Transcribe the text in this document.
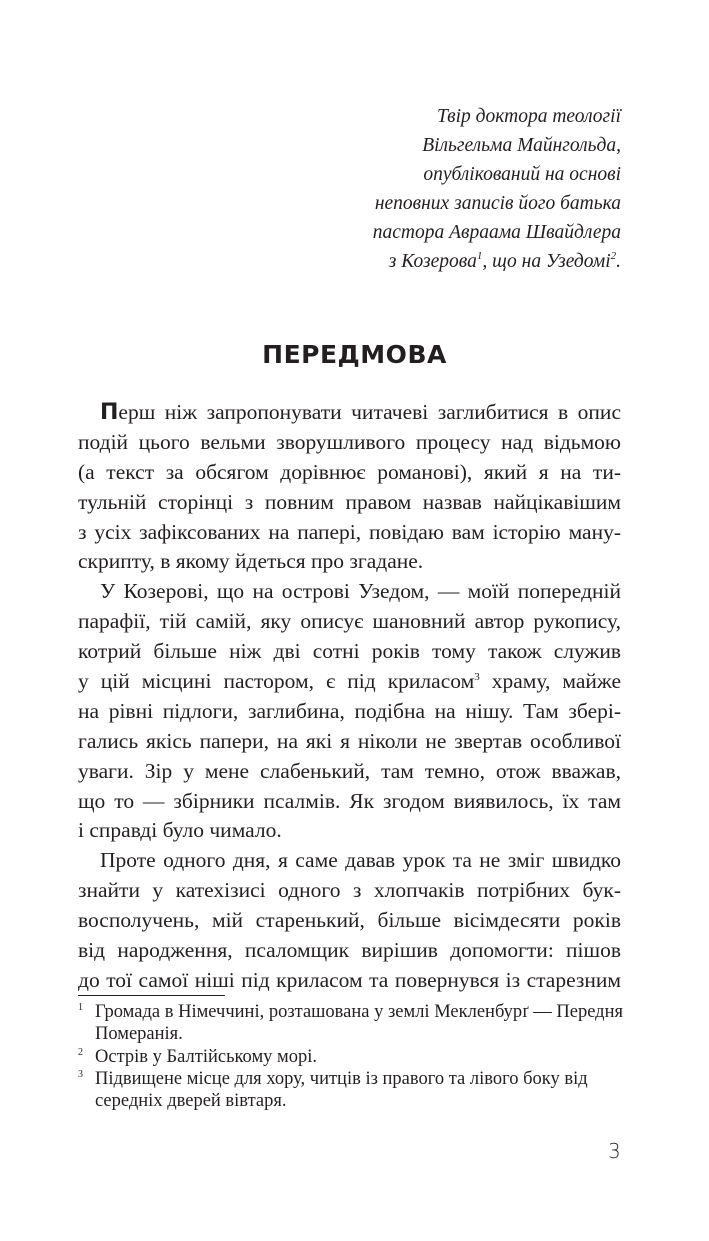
Твір доктора теології
Вільгельма Майнгольда,
опублікований на основі
неповних записів його батька
пастора Авраама Швайдлера
з Козерова$^1$, що на Узедомі$^2$.
ПЕРЕДМОВА
Перш ніж запропонувати читачеві заглибитися в опис
подій цього вельми зворушливого процесу над відьмою
(а текст за обсягом дорівнює романові), який я на ти-
тульній сторінці з повним правом назвав найцікавішим
з усіх зафіксованих на папері, повідаю вам історію ману-
скрипту, в якому йдеться про згадане.
У Козерові, що на острові Узедом, — моїй попередній
парафії, тій самій, яку описує шановний автор рукопису,
котрий більше ніж дві сотні років тому також служив
у цій місцині пастором, є під криласом$^3$ храму, майже
на рівні підлоги, заглибина, подібна на нішу. Там збері-
гались якісь папери, на які я ніколи не звертав особливої
уваги. Зір у мене слабенький, там темно, отож вважав,
що то — збірники псалмів. Як згодом виявилось, їх там
і справді було чимало.
Проте одного дня, я саме давав урок та не зміг швидко
знайти у катехізисі одного з хлопчаків потрібних бук-
восполучень, мій старенький, більше вісімдесяти років
від народження, псаломщик вирішив допомогти: пішов
до тої самої ніші під криласом та повернувся із старезним
1 Громада в Німеччині, розташована у землі Мекленбурґ — Передня Померанія.
2 Острів у Балтійському морі.
3 Підвищене місце для хору, читців із правого та лівого боку від середніх дверей вівтаря.
3
